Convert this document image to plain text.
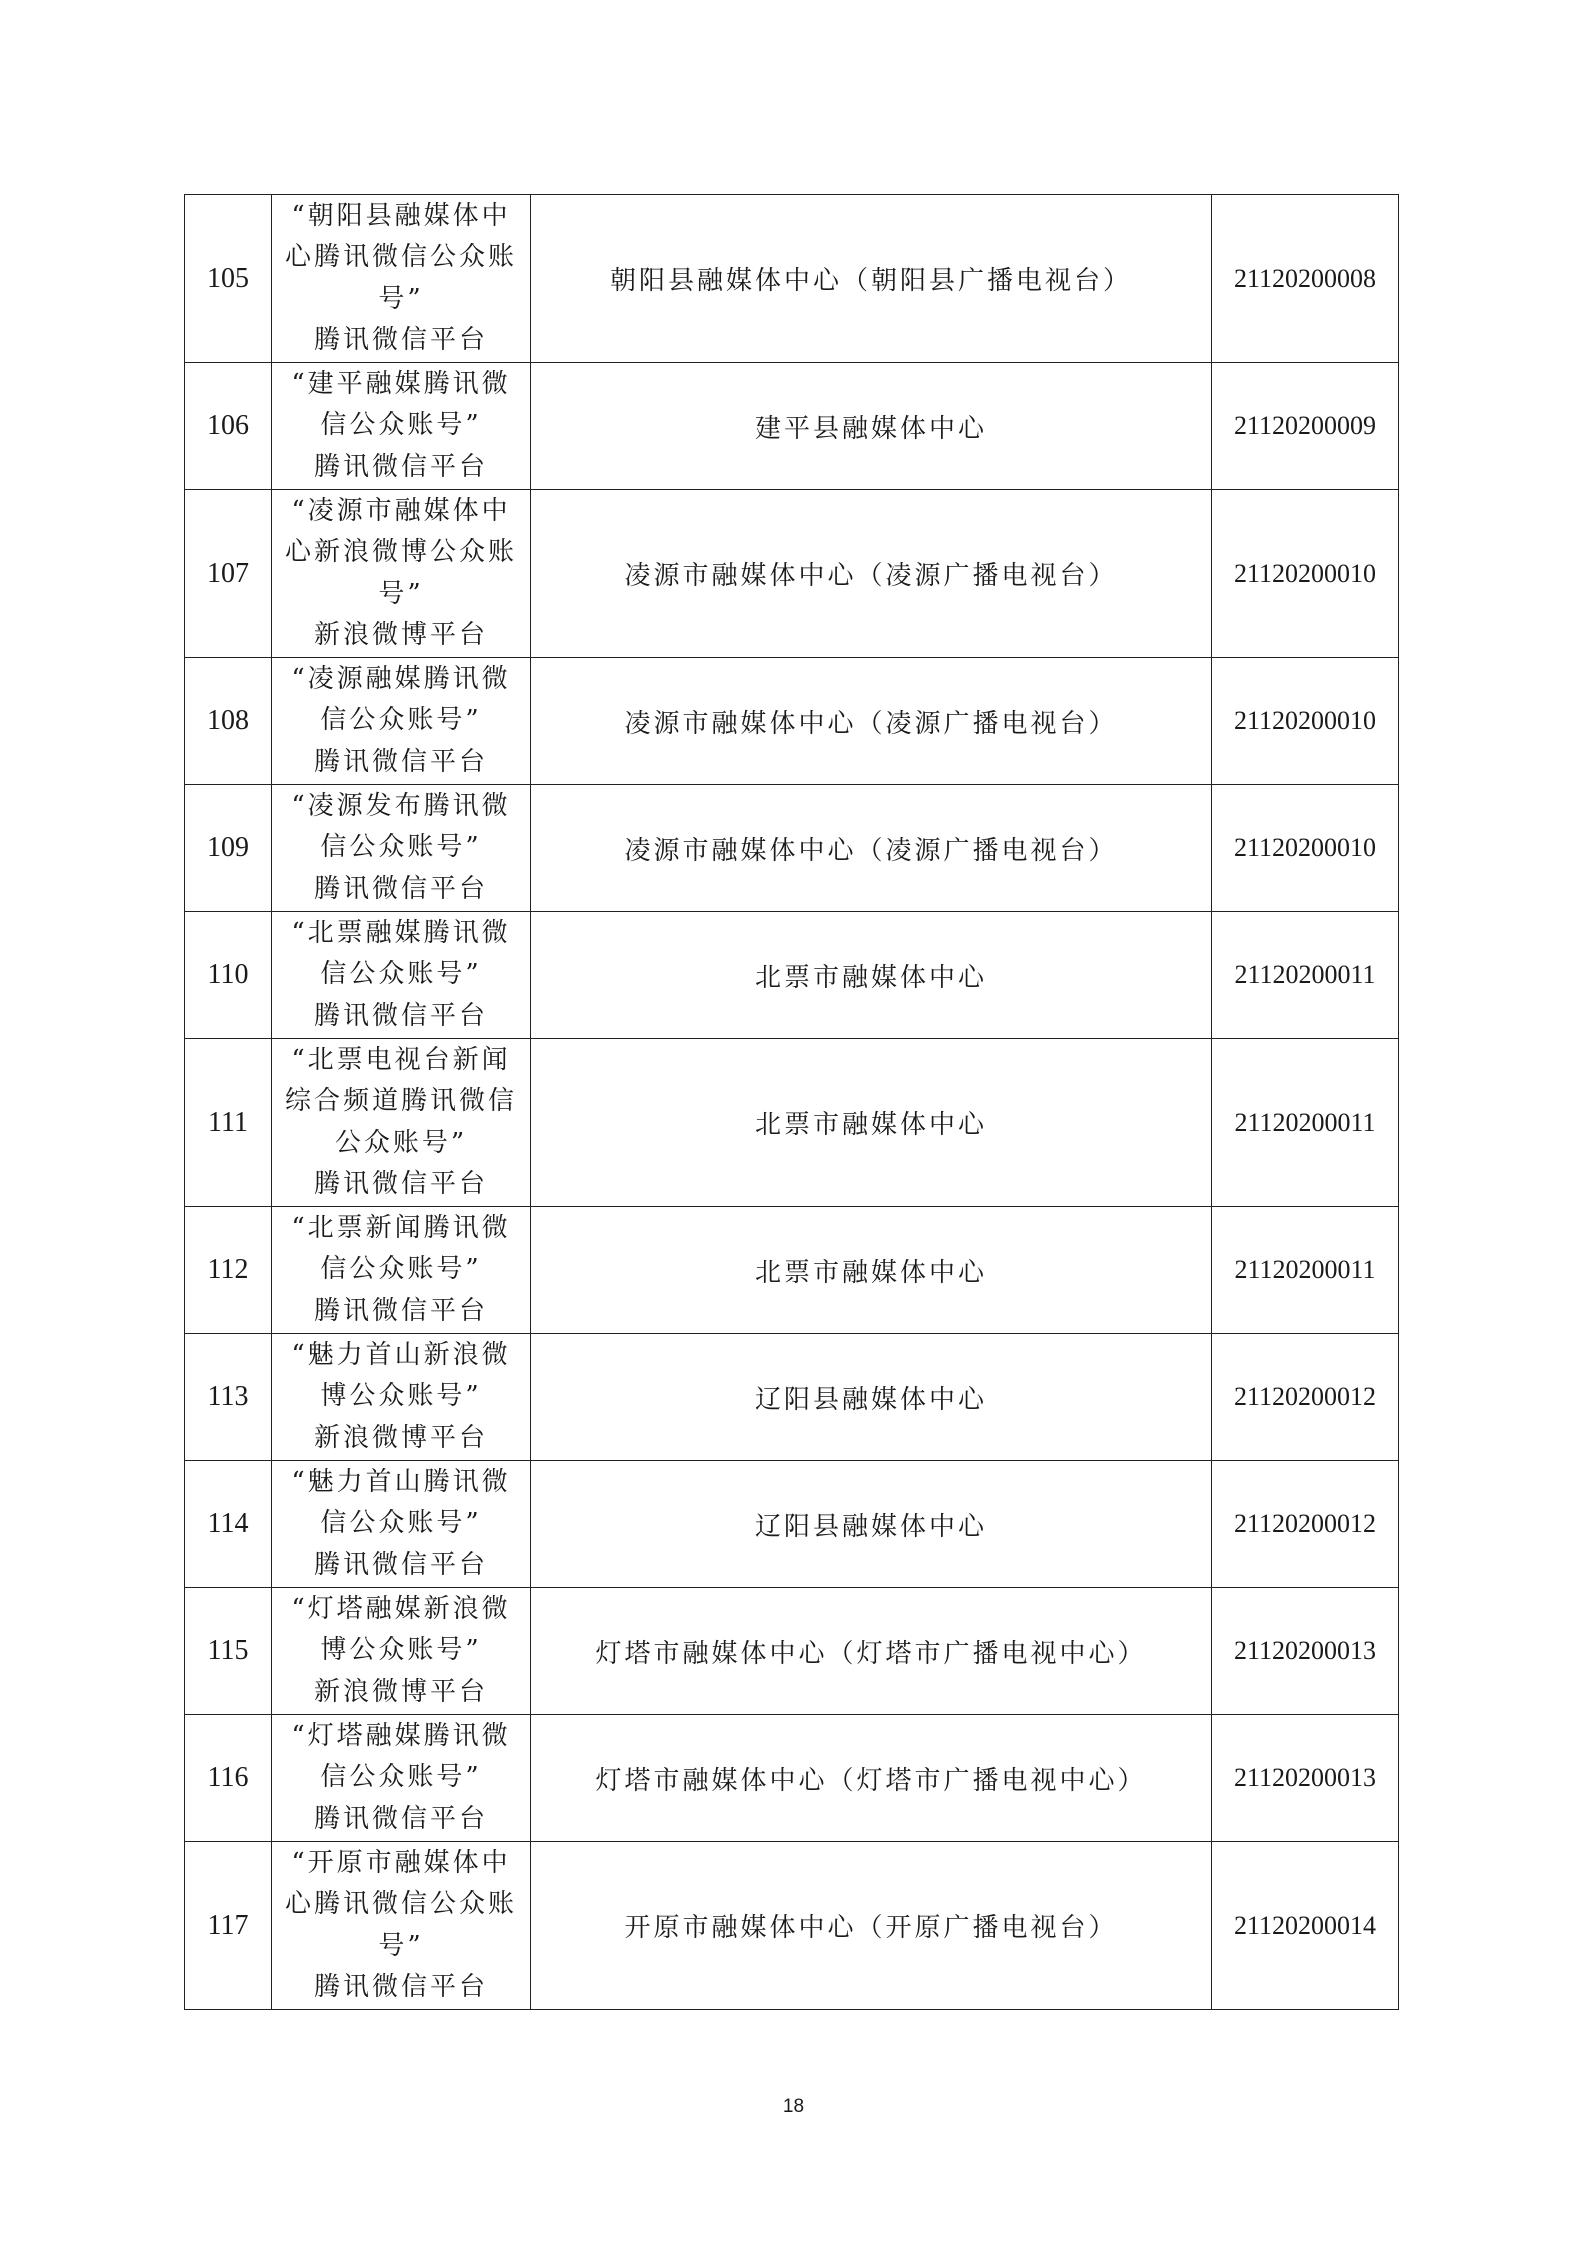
105	“朝阳县融媒体中
心腾讯微信公众账
号”
腾讯微信平台	朝阳县融媒体中心（朝阳县广播电视台）	21120200008
106	“建平融媒腾讯微
信公众账号”
腾讯微信平台	建平县融媒体中心	21120200009
107	“凌源市融媒体中
心新浪微博公众账
号”
新浪微博平台	凌源市融媒体中心（凌源广播电视台）	21120200010
108	“凌源融媒腾讯微
信公众账号”
腾讯微信平台	凌源市融媒体中心（凌源广播电视台）	21120200010
109	“凌源发布腾讯微
信公众账号”
腾讯微信平台	凌源市融媒体中心（凌源广播电视台）	21120200010
110	“北票融媒腾讯微
信公众账号”
腾讯微信平台	北票市融媒体中心	21120200011
111	“北票电视台新闻
综合频道腾讯微信
公众账号”
腾讯微信平台	北票市融媒体中心	21120200011
112	“北票新闻腾讯微
信公众账号”
腾讯微信平台	北票市融媒体中心	21120200011
113	“魅力首山新浪微
博公众账号”
新浪微博平台	辽阳县融媒体中心	21120200012
114	“魅力首山腾讯微
信公众账号”
腾讯微信平台	辽阳县融媒体中心	21120200012
115	“灯塔融媒新浪微
博公众账号”
新浪微博平台	灯塔市融媒体中心（灯塔市广播电视中心）	21120200013
116	“灯塔融媒腾讯微
信公众账号”
腾讯微信平台	灯塔市融媒体中心（灯塔市广播电视中心）	21120200013
117	“开原市融媒体中
心腾讯微信公众账
号”
腾讯微信平台	开原市融媒体中心（开原广播电视台）	21120200014
18
